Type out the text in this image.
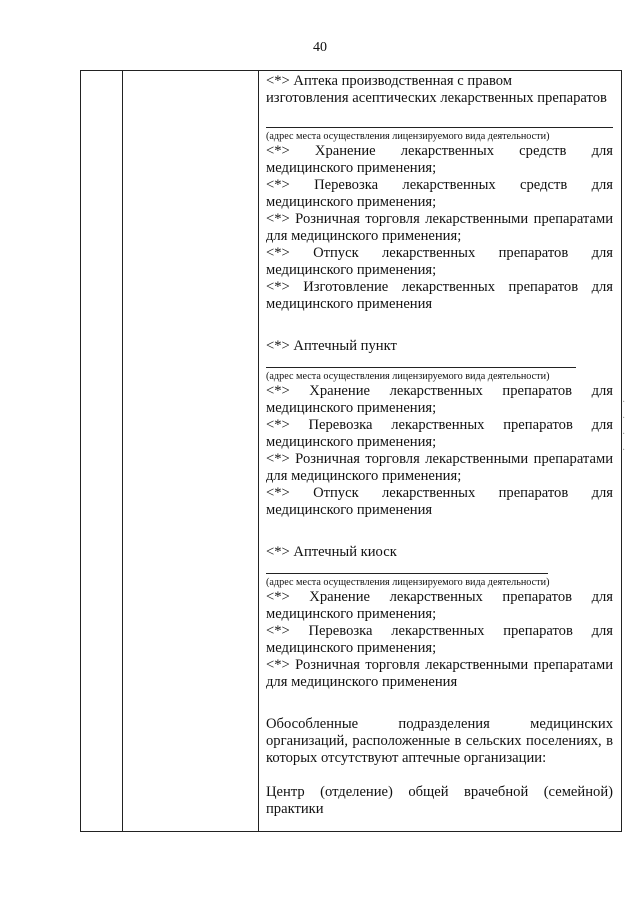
40
<*> Аптека производственная с правом

изготовления асептических лекарственных препаратов

(адрес места осуществления лицензируемого вида деятельности)

<*> Хранение лекарственных средств для медицинского применения;

<*> Перевозка лекарственных средств для медицинского применения;

<*> Розничная торговля лекарственными препаратами для медицинского применения;

<*> Отпуск лекарственных препаратов для медицинского применения;

<*> Изготовление лекарственных препаратов для медицинского применения

<*> Аптечный пункт
(адрес места осуществления лицензируемого вида деятельности)

<*> Хранение лекарственных препаратов для медицинского применения;

<*> Перевозка лекарственных препаратов для медицинского применения;

<*> Розничная торговля лекарственными препаратами для медицинского применения;

<*> Отпуск лекарственных препаратов для медицинского применения

<*> Аптечный киоск
(адрес места осуществления лицензируемого вида деятельности)

<*> Хранение лекарственных препаратов для медицинского применения;

<*> Перевозка лекарственных препаратов для медицинского применения;

<*> Розничная торговля лекарственными препаратами для медицинского применения

Обособленные подразделения медицинских организаций, расположенные в сельских поселениях, в которых отсутствуют аптечные организации:

Центр (отделение) общей врачебной (семейной) практики

·
·
·
·
